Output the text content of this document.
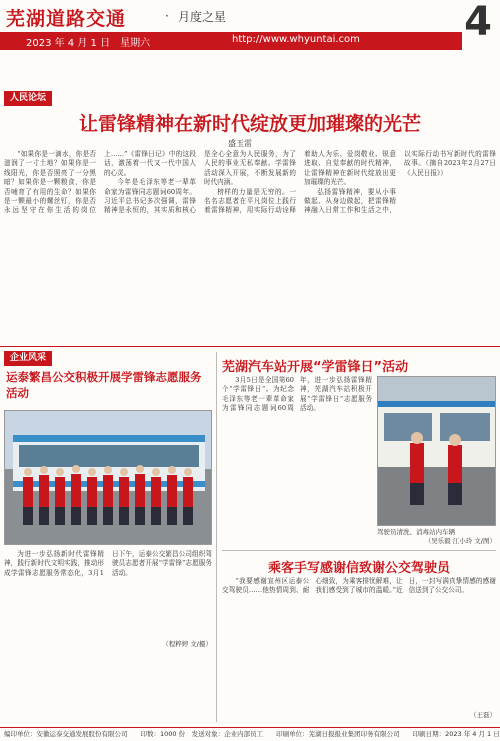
芜湖道路交通	· 月度之星	4
2023 年 4 月 1 日　星期六	http://www.whyuntai.com
人民论坛
让雷锋精神在新时代绽放更加璀璨的光芒
盛玉雷

“如果你是一滴水，你是否滋润了一寸土地？如果你是一线阳光，你是否照亮了一分黑暗？如果你是一颗粮食，你是否哺育了有用的生命？如果你是一颗最小的螺丝钉，你是否永远坚守在你生活的岗位上……”《雷锋日记》中的这段话，激荡着一代又一代中国人的心灵。

今年是毛泽东等老一辈革命家为雷锋同志题词60周年。习近平总书记多次强调，雷锋精神是永恒的，其实质和核心是全心全意为人民服务，为了人民的事业无私奉献。学雷锋活动深入开展，不断发展新的时代内涵。

榜样的力量是无穷的。一名名志愿者在平凡岗位上践行着雷锋精神，用实际行动诠释着助人为乐、爱岗敬业、锐意进取、自觉奉献的时代精神，让雷锋精神在新时代绽放出更加璀璨的光芒。

弘扬雷锋精神，要从小事做起、从身边做起，把雷锋精神融入日常工作和生活之中，以实际行动书写新时代的雷锋故事。（摘自2023年2月27日《人民日报》）

企业风采
运泰繁昌公交积极开展学雷锋志愿服务活动

为进一步弘扬新时代雷锋精神，践行新时代文明实践，推动形成学雷锋志愿服务常态化，3月1日下午，运泰公交繁昌公司组织驾驶员志愿者开展“学雷锋”志愿服务活动。

（程粹婷 文/摄）
芜湖汽车站开展“学雷锋日”活动

3月5日是全国第60个“学雷锋日”。为纪念毛泽东等老一辈革命家为雷锋同志题词60周年，进一步弘扬雷锋精神，芜湖汽车站积极开展“学雷锋日”志愿服务活动。

驾驶员清洗、消毒站内车辆
（吴乐毅 江小玲 文/图）
乘客手写感谢信致谢公交驾驶员

“我要感谢宣州区运泰公交驾驶员……他热情周到、耐心细致，为乘客排忧解难，让我们感受到了城市的温暖。”近日，一封写满真挚情感的感谢信送到了公交公司。

（王磊）
编印单位：安徽运泰交通发展股份有限公司　　印数：1000 份　发送对象：企业内部员工　　印刷单位：芜湖日报报业集团印务有限公司　　印刷日期：2023 年 4 月 1 日
